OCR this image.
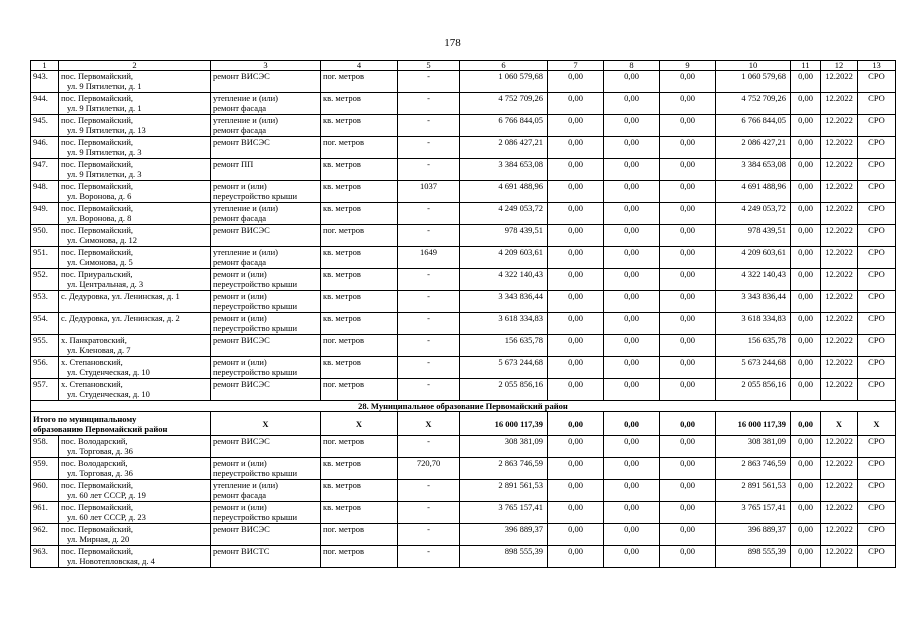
178
1	2	3	4	5	6	7	8	9	10	11	12	13
943.	пос. Первомайский,
ул. 9 Пятилетки, д. 1	ремонт ВИСЭС	пог. метров	-	1 060 579,68	0,00	0,00	0,00	1 060 579,68	0,00	12.2022	СРО
944.	пос. Первомайский,
ул. 9 Пятилетки, д. 1	утепление и (или)
ремонт фасада	кв. метров	-	4 752 709,26	0,00	0,00	0,00	4 752 709,26	0,00	12.2022	СРО
945.	пос. Первомайский,
ул. 9 Пятилетки, д. 13	утепление и (или)
ремонт фасада	кв. метров	-	6 766 844,05	0,00	0,00	0,00	6 766 844,05	0,00	12.2022	СРО
946.	пос. Первомайский,
ул. 9 Пятилетки, д. 3	ремонт ВИСЭС	пог. метров	-	2 086 427,21	0,00	0,00	0,00	2 086 427,21	0,00	12.2022	СРО
947.	пос. Первомайский,
ул. 9 Пятилетки, д. 3	ремонт ПП	кв. метров	-	3 384 653,08	0,00	0,00	0,00	3 384 653,08	0,00	12.2022	СРО
948.	пос. Первомайский,
ул. Воронова, д. 6	ремонт и (или)
переустройство крыши	кв. метров	1037	4 691 488,96	0,00	0,00	0,00	4 691 488,96	0,00	12.2022	СРО
949.	пос. Первомайский,
ул. Воронова, д. 8	утепление и (или)
ремонт фасада	кв. метров	-	4 249 053,72	0,00	0,00	0,00	4 249 053,72	0,00	12.2022	СРО
950.	пос. Первомайский,
ул. Симонова, д. 12	ремонт ВИСЭС	пог. метров	-	978 439,51	0,00	0,00	0,00	978 439,51	0,00	12.2022	СРО
951.	пос. Первомайский,
ул. Симонова, д. 5	утепление и (или)
ремонт фасада	кв. метров	1649	4 209 603,61	0,00	0,00	0,00	4 209 603,61	0,00	12.2022	СРО
952.	пос. Приуральский,
ул. Центральная, д. 3	ремонт и (или)
переустройство крыши	кв. метров	-	4 322 140,43	0,00	0,00	0,00	4 322 140,43	0,00	12.2022	СРО
953.	с. Дедуровка, ул. Ленинская, д. 1	ремонт и (или)
переустройство крыши	кв. метров	-	3 343 836,44	0,00	0,00	0,00	3 343 836,44	0,00	12.2022	СРО
954.	с. Дедуровка, ул. Ленинская, д. 2	ремонт и (или)
переустройство крыши	кв. метров	-	3 618 334,83	0,00	0,00	0,00	3 618 334,83	0,00	12.2022	СРО
955.	х. Панкратовский,
ул. Кленовая, д. 7	ремонт ВИСЭС	пог. метров	-	156 635,78	0,00	0,00	0,00	156 635,78	0,00	12.2022	СРО
956.	х. Степановский,
ул. Студенческая, д. 10	ремонт и (или)
переустройство крыши	кв. метров	-	5 673 244,68	0,00	0,00	0,00	5 673 244,68	0,00	12.2022	СРО
957.	х. Степановский,
ул. Студенческая, д. 10	ремонт ВИСЭС	пог. метров	-	2 055 856,16	0,00	0,00	0,00	2 055 856,16	0,00	12.2022	СРО
28. Муниципальное образование Первомайский район												

Итого по муниципальному
образованию Первомайский район		X	X	X	16 000 117,39	0,00	0,00	0,00	16 000 117,39	0,00	X	X
958.	пос. Володарский,
ул. Торговая, д. 36	ремонт ВИСЭС	пог. метров	-	308 381,09	0,00	0,00	0,00	308 381,09	0,00	12.2022	СРО
959.	пос. Володарский,
ул. Торговая, д. 36	ремонт и (или)
переустройство крыши	кв. метров	720,70	2 863 746,59	0,00	0,00	0,00	2 863 746,59	0,00	12.2022	СРО
960.	пос. Первомайский,
ул. 60 лет СССР, д. 19	утепление и (или)
ремонт фасада	кв. метров	-	2 891 561,53	0,00	0,00	0,00	2 891 561,53	0,00	12.2022	СРО
961.	пос. Первомайский,
ул. 60 лет СССР, д. 23	ремонт и (или)
переустройство крыши	кв. метров	-	3 765 157,41	0,00	0,00	0,00	3 765 157,41	0,00	12.2022	СРО
962.	пос. Первомайский,
ул. Мирная, д. 20	ремонт ВИСЭС	пог. метров	-	396 889,37	0,00	0,00	0,00	396 889,37	0,00	12.2022	СРО
963.	пос. Первомайский,
ул. Новотепловская, д. 4	ремонт ВИСТС	пог. метров	-	898 555,39	0,00	0,00	0,00	898 555,39	0,00	12.2022	СРО
